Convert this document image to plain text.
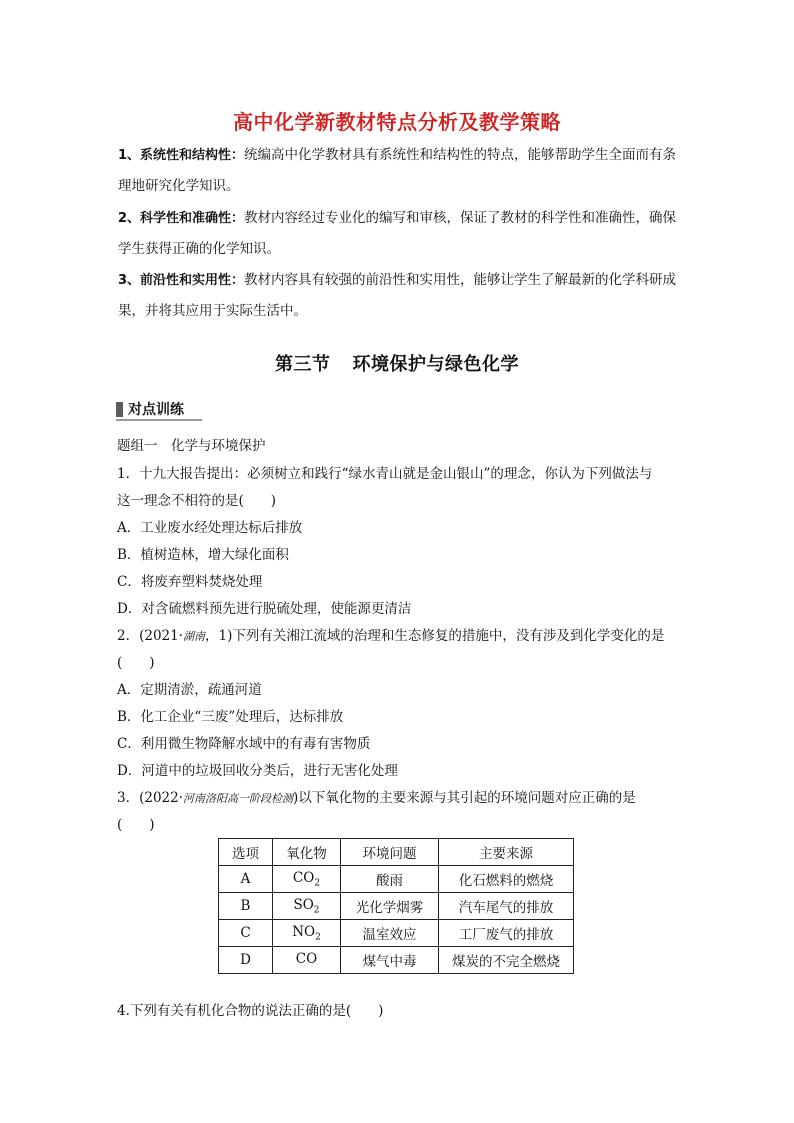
高中化学新教材特点分析及教学策略
1、系统性和结构性：统编高中化学教材具有系统性和结构性的特点，能够帮助学生全面而有条理地研究化学知识。
2、科学性和准确性：教材内容经过专业化的编写和审核，保证了教材的科学性和准确性，确保学生获得正确的化学知识。
3、前沿性和实用性：教材内容具有较强的前沿性和实用性，能够让学生了解最新的化学科研成果，并将其应用于实际生活中。
第三节 环境保护与绿色化学
对点训练
题组一　化学与环境保护
1．十九大报告提出：必须树立和践行“绿水青山就是金山银山”的理念，你认为下列做法与
这一理念不相符的是(　　)
A．工业废水经处理达标后排放
B．植树造林，增大绿化面积
C．将废弃塑料焚烧处理
D．对含硫燃料预先进行脱硫处理，使能源更清洁
2．(2021·湖南，1)下列有关湘江流域的治理和生态修复的措施中，没有涉及到化学变化的是
(　　)
A．定期清淤，疏通河道
B．化工企业“三废”处理后，达标排放
C．利用微生物降解水域中的有毒有害物质
D．河道中的垃圾回收分类后，进行无害化处理
3．(2022·河南洛阳高一阶段检测)以下氧化物的主要来源与其引起的环境问题对应正确的是
(　　)
选项	氧化物	环境问题	主要来源
A	$CO_2$	酸雨	化石燃料的燃烧
B	$SO_2$	光化学烟雾	汽车尾气的排放
C	$NO_2$	温室效应	工厂废气的排放
D	CO	煤气中毒	煤炭的不完全燃烧
4.下列有关有机化合物的说法正确的是(　　)
